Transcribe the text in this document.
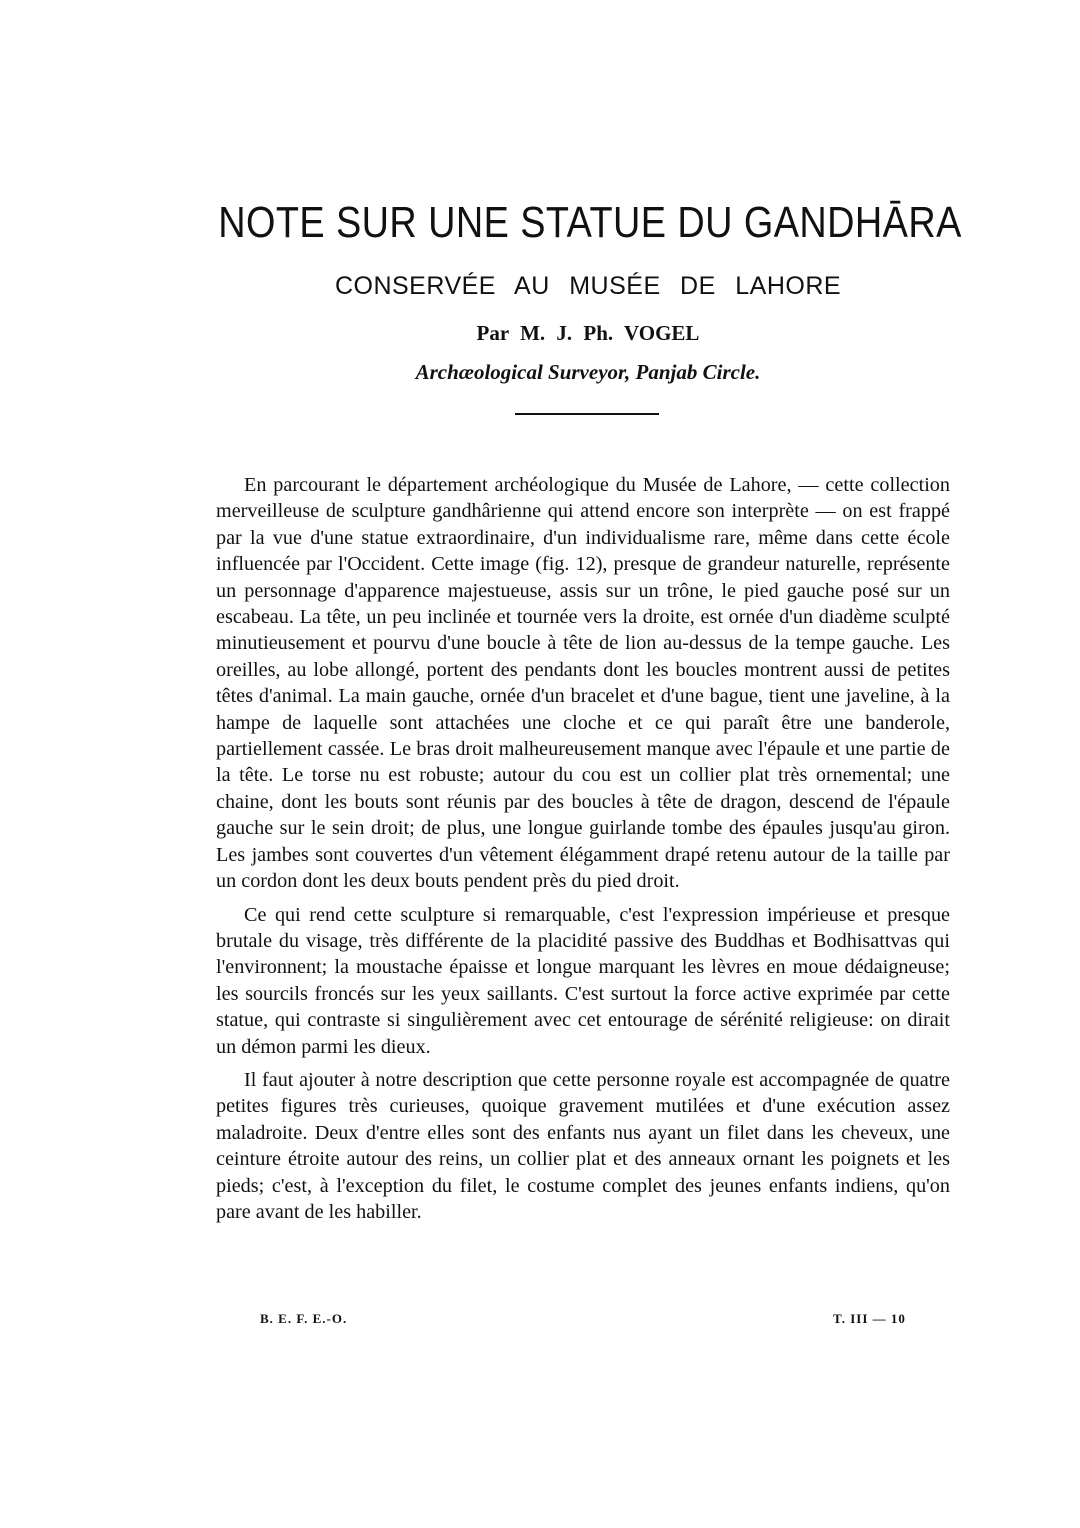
NOTE SUR UNE STATUE DU GANDHĀRA
CONSERVÉE AU MUSÉE DE LAHORE
Par M. J. Ph. VOGEL
Archæological Surveyor, Panjab Circle.

En parcourant le département archéologique du Musée de Lahore, — cette collection merveilleuse de sculpture gandhârienne qui attend encore son interprète — on est frappé par la vue d'une statue extraordinaire, d'un individualisme rare, même dans cette école influencée par l'Occident. Cette image (fig. 12), presque de grandeur naturelle, représente un personnage d'apparence majestueuse, assis sur un trône, le pied gauche posé sur un escabeau. La tête, un peu inclinée et tournée vers la droite, est ornée d'un diadème sculpté minutieusement et pourvu d'une boucle à tête de lion au-dessus de la tempe gauche. Les oreilles, au lobe allongé, portent des pendants dont les boucles montrent aussi de petites têtes d'animal. La main gauche, ornée d'un bracelet et d'une bague, tient une javeline, à la hampe de laquelle sont attachées une cloche et ce qui paraît être une banderole, partiellement cassée. Le bras droit malheureusement manque avec l'épaule et une partie de la tête. Le torse nu est robuste; autour du cou est un collier plat très ornemental; une chaine, dont les bouts sont réunis par des boucles à tête de dragon, descend de l'épaule gauche sur le sein droit; de plus, une longue guirlande tombe des épaules jusqu'au giron. Les jambes sont couvertes d'un vêtement élégamment drapé retenu autour de la taille par un cordon dont les deux bouts pendent près du pied droit.

Ce qui rend cette sculpture si remarquable, c'est l'expression impérieuse et presque brutale du visage, très différente de la placidité passive des Buddhas et Bodhisattvas qui l'environnent; la moustache épaisse et longue marquant les lèvres en moue dédaigneuse; les sourcils froncés sur les yeux saillants. C'est surtout la force active exprimée par cette statue, qui contraste si singulièrement avec cet entourage de sérénité religieuse: on dirait un démon parmi les dieux.

Il faut ajouter à notre description que cette personne royale est accompagnée de quatre petites figures très curieuses, quoique gravement mutilées et d'une exécution assez maladroite. Deux d'entre elles sont des enfants nus ayant un filet dans les cheveux, une ceinture étroite autour des reins, un collier plat et des anneaux ornant les poignets et les pieds; c'est, à l'exception du filet, le costume complet des jeunes enfants indiens, qu'on pare avant de les habiller.

B. E. F. E.-O.	T. III — 10
